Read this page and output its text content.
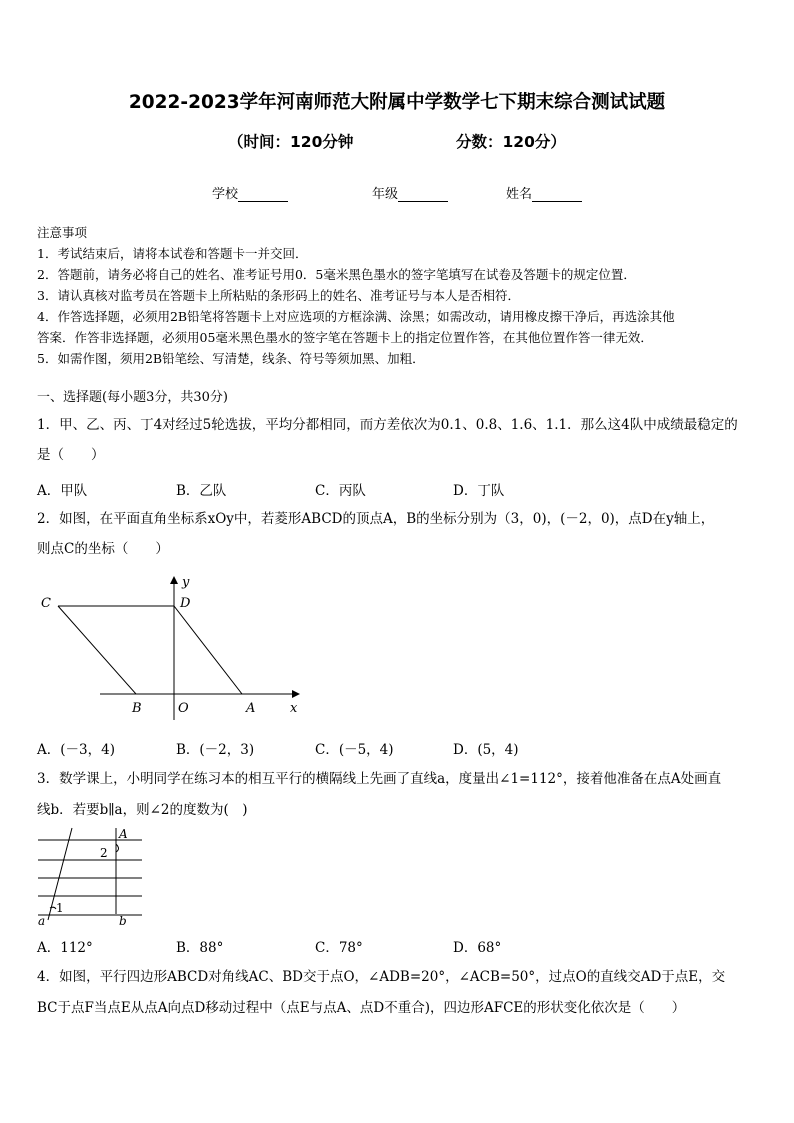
2022-2023学年河南师范大附属中学数学七下期末综合测试试题
（时间：120分钟	分数：120分）
学校	年级	姓名
注意事项
1．考试结束后，请将本试卷和答题卡一并交回．
2．答题前，请务必将自己的姓名、准考证号用0．5毫米黑色墨水的签字笔填写在试卷及答题卡的规定位置．
3．请认真核对监考员在答题卡上所粘贴的条形码上的姓名、准考证号与本人是否相符．
4．作答选择题，必须用2B铅笔将答题卡上对应选项的方框涂满、涂黑；如需改动，请用橡皮擦干净后，再选涂其他
答案．作答非选择题，必须用05毫米黑色墨水的签字笔在答题卡上的指定位置作答，在其他位置作答一律无效．
5．如需作图，须用2B铅笔绘、写清楚，线条、符号等须加黑、加粗．
一、选择题(每小题3分，共30分)
1．甲、乙、丙、丁4对经过5轮选拔，平均分都相同，而方差依次为0.1、0.8、1.6、1.1．那么这4队中成绩最稳定的
是（　　）
A．甲队	B．乙队	C．丙队	D．丁队
2．如图，在平面直角坐标系xOy中，若菱形ABCD的顶点A，B的坐标分别为（3，0)，(－2，0)，点D在y轴上，
则点C的坐标（　　）
C	D
B	O	A	x
y
A．(－3，4)	B．(－2，3)	C．(－5，4)	D．(5，4)
3．数学课上，小明同学在练习本的相互平行的横隔线上先画了直线a，度量出∠1=112°，接着他准备在点A处画直
线b．若要b∥a，则∠2的度数为(　)
A
2
1
a	b
A．112°	B．88°	C．78°	D．68°
4．如图，平行四边形ABCD对角线AC、BD交于点O，∠ADB=20°，∠ACB=50°，过点O的直线交AD于点E，交
BC于点F当点E从点A向点D移动过程中（点E与点A、点D不重合)，四边形AFCE的形状变化依次是（　　）
